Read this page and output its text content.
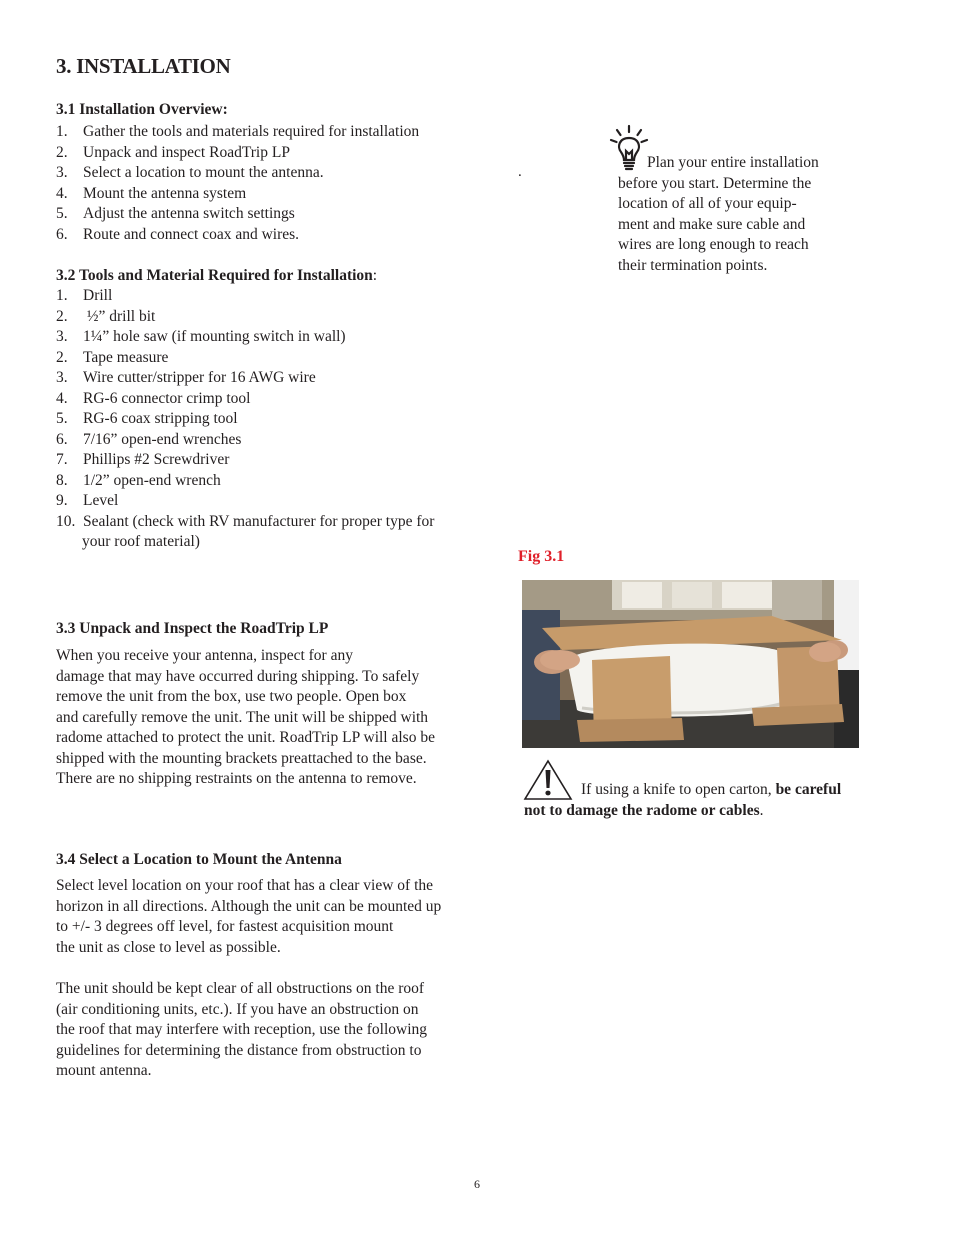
3. INSTALLATION
3.1 Installation Overview:
1. Gather the tools and materials required for installation
2. Unpack and inspect RoadTrip LP
3. Select a location to mount the antenna.
4. Mount the antenna system
5. Adjust the antenna switch settings
6. Route and connect coax and wires.
3.2 Tools and Material Required for Installation:
1. Drill
2. ½” drill bit
3. 1¼” hole saw (if mounting switch in wall)
2. Tape measure
3. Wire cutter/stripper for 16 AWG wire
4. RG-6 connector crimp tool
5. RG-6 coax stripping tool
6. 7/16” open-end wrenches
7. Phillips #2 Screwdriver
8. 1/2” open-end wrench
9. Level
10. Sealant (check with RV manufacturer for proper type for
your roof material)
3.3 Unpack and Inspect the RoadTrip LP
When you receive your antenna, inspect for any
damage that may have occurred during shipping. To safely
remove the unit from the box, use two people. Open box
and carefully remove the unit. The unit will be shipped with
radome attached to protect the unit. RoadTrip LP will also be
shipped with the mounting brackets preattached to the base.
There are no shipping restraints on the antenna to remove.
3.4 Select a Location to Mount the Antenna
Select level location on your roof that has a clear view of the
horizon in all directions. Although the unit can be mounted up
to +/- 3 degrees off level, for fastest acquisition mount
the unit as close to level as possible.
The unit should be kept clear of all obstructions on the roof
(air conditioning units, etc.). If you have an obstruction on
the roof that may interfere with reception, use the following
guidelines for determining the distance from obstruction to
mount antenna.
.
Plan your entire installation
before you start. Determine the
location of all of your equip-
ment and make sure cable and
wires are long enough to reach
their termination points.
Fig 3.1
If using a knife to open carton, be careful
not to damage the radome or cables.
6
